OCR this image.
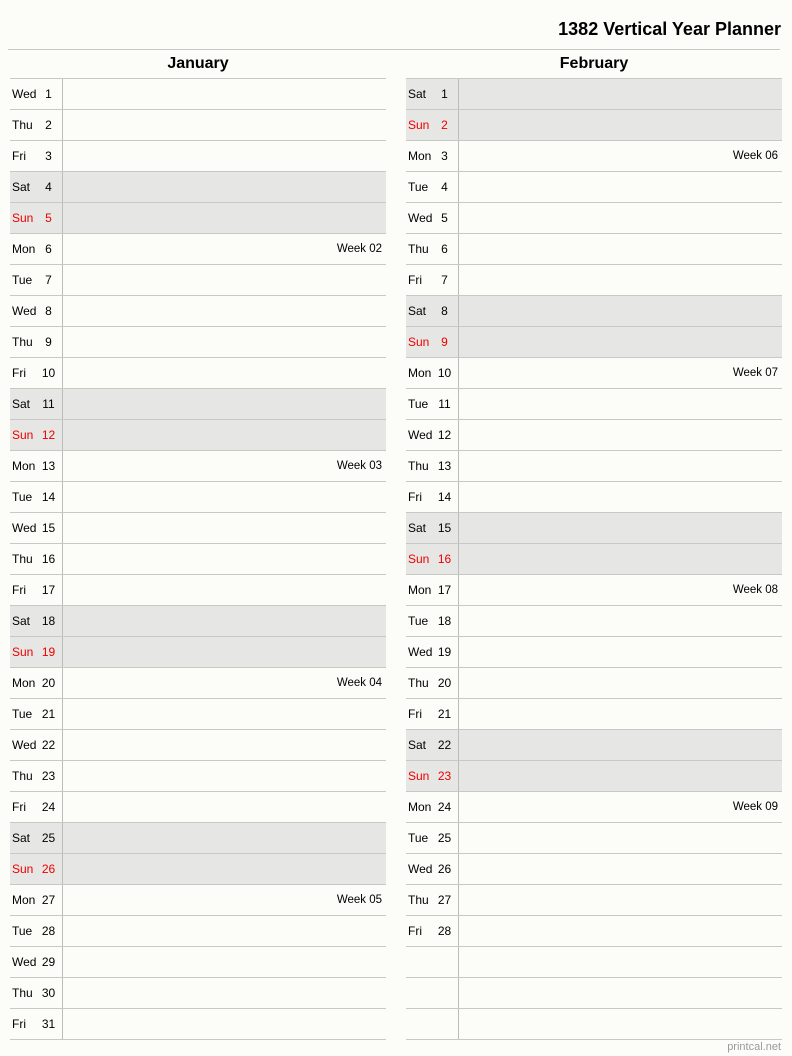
1382 Vertical Year Planner
January
Wed 1
Thu	2
Fri	3
Sat	4
Sun 5
Mon 6	Week 02
Tue	7
Wed 8
Thu	9
Fri	10
Sat	11
Sun 12
Mon 13	Week 03
Tue 14
Wed 15
Thu 16
Fri	17
Sat 18
Sun 19
Mon 20	Week 04
Tue 21
Wed 22
Thu 23
Fri	24
Sat 25
Sun 26
Mon 27	Week 05
Tue 28
Wed 29
Thu 30
Fri	31
February
Sat	1
Sun 2
Mon 3	Week 06
Tue	4
Wed 5
Thu	6
Fri	7
Sat	8
Sun 9
Mon 10	Week 07
Tue 11
Wed 12
Thu 13
Fri	14
Sat 15
Sun 16
Mon 17	Week 08
Tue 18
Wed 19
Thu 20
Fri	21
Sat 22
Sun 23
Mon 24	Week 09
Tue 25
Wed 26
Thu 27
Fri	28
printcal.net
